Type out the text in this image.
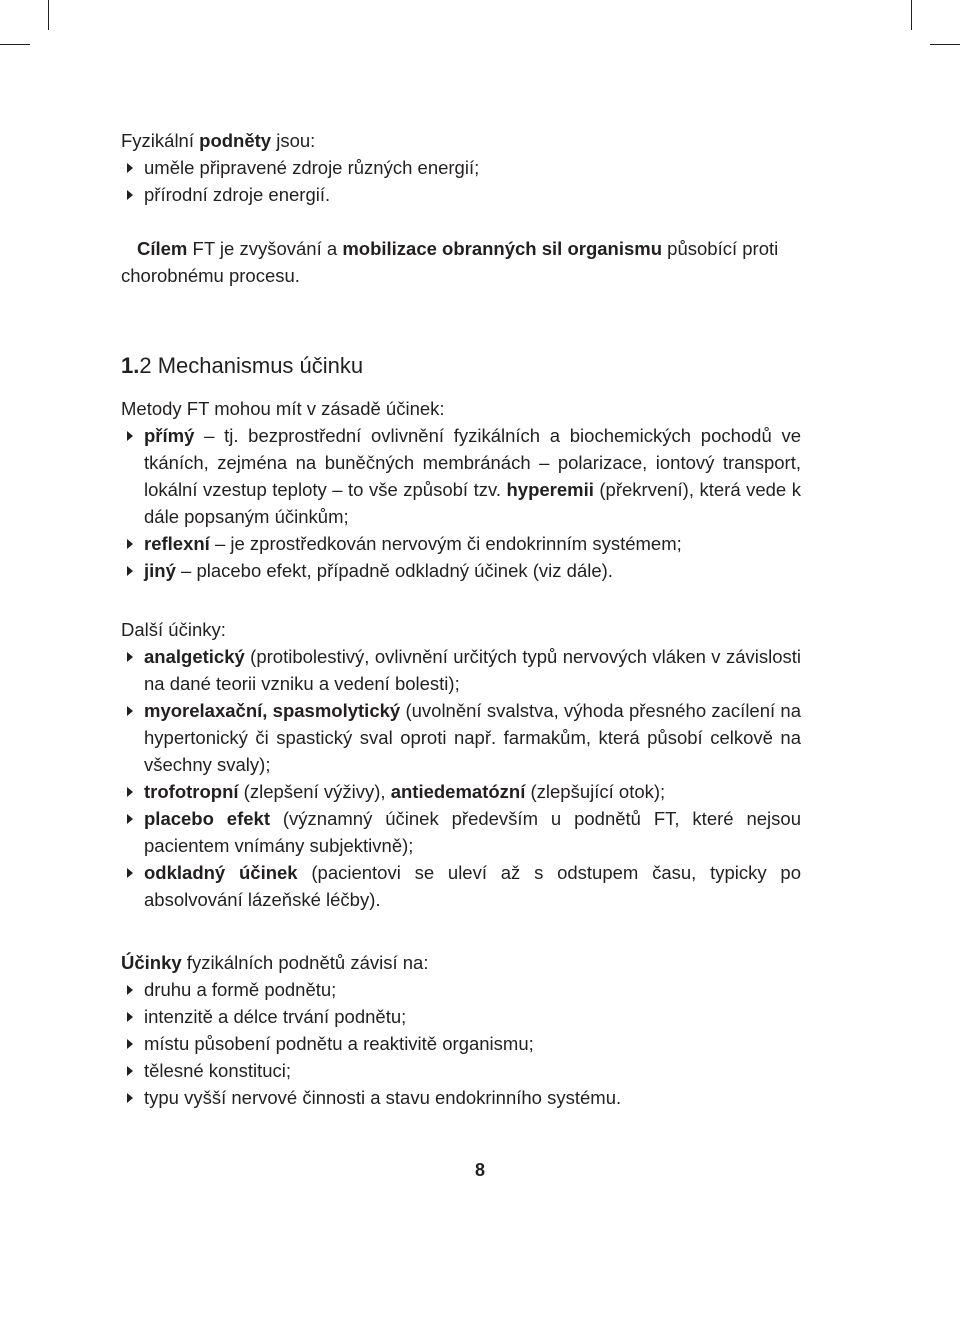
Fyzikální podněty jsou:

uměle připravené zdroje různých energií;
přírodní zdroje energií.

Cílem FT je zvyšování a mobilizace obranných sil organismu působící proti chorobnému procesu.

1.2 Mechanismus účinku

Metody FT mohou mít v zásadě účinek:

přímý – tj. bezprostřední ovlivnění fyzikálních a biochemických pochodů ve tkáních, zejména na buněčných membránách – polarizace, iontový transport, lokální vzestup teploty – to vše způsobí tzv. hyperemii (překrvení), která vede k dále popsaným účinkům;
reflexní – je zprostředkován nervovým či endokrinním systémem;
jiný – placebo efekt, případně odkladný účinek (viz dále).

Další účinky:

analgetický (protibolestivý, ovlivnění určitých typů nervových vláken v závislosti na dané teorii vzniku a vedení bolesti);
myorelaxační, spasmolytický (uvolnění svalstva, výhoda přesného zacílení na hypertonický či spastický sval oproti např. farmakům, která působí celkově na všechny svaly);
trofotropní (zlepšení výživy), antiedematózní (zlepšující otok);
placebo efekt (významný účinek především u podnětů FT, které nejsou pacientem vnímány subjektivně);
odkladný účinek (pacientovi se uleví až s odstupem času, typicky po absolvování lázeňské léčby).

Účinky fyzikálních podnětů závisí na:

druhu a formě podnětu;
intenzitě a délce trvání podnětu;
místu působení podnětu a reaktivitě organismu;
tělesné konstituci;
typu vyšší nervové činnosti a stavu endokrinního systému.
8
